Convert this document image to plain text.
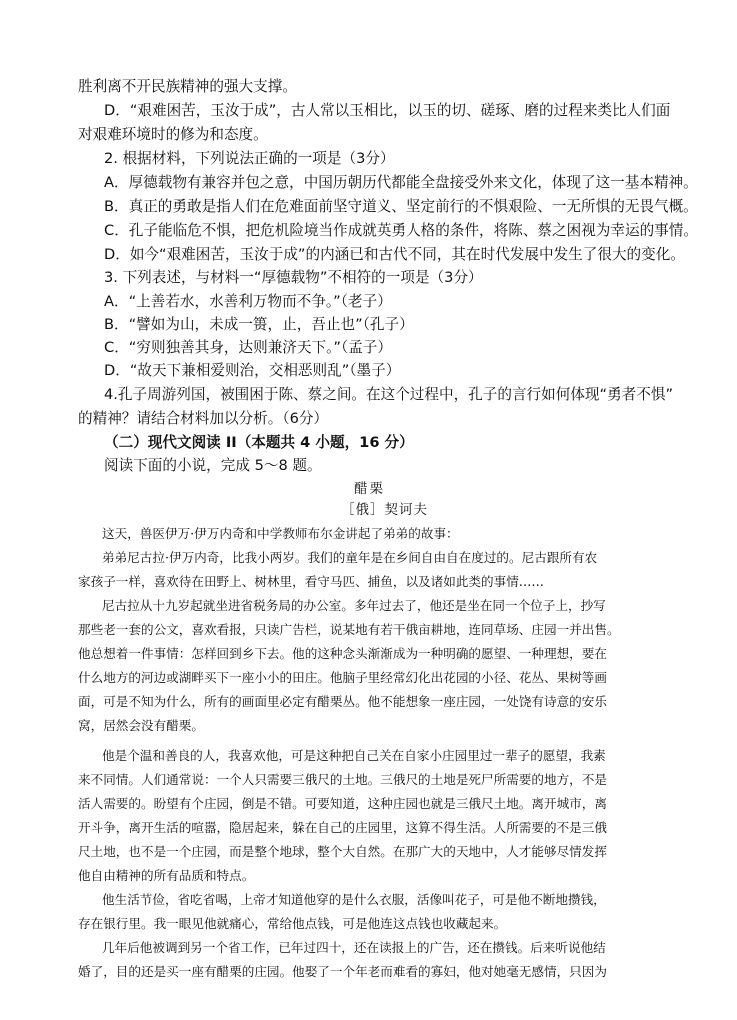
胜利离不开民族精神的强大支撑。
D．“艰难困苦，玉汝于成”，古人常以玉相比，以玉的切、磋琢、磨的过程来类比人们面
对艰难环境时的修为和态度。
2. 根据材料，下列说法正确的一项是（3分）
A．厚德载物有兼容并包之意，中国历朝历代都能全盘接受外来文化，体现了这一基本精神。
B．真正的勇敢是指人们在危难面前坚守道义、坚定前行的不惧艰险、一无所惧的无畏气概。
C．孔子能临危不惧，把危机险境当作成就英勇人格的条件，将陈、蔡之困视为幸运的事情。
D．如今“艰难困苦，玉汝于成”的内涵已和古代不同，其在时代发展中发生了很大的变化。
3. 下列表述，与材料一“厚德载物”不相符的一项是（3分）
A．“上善若水，水善利万物而不争。”（老子）
B．“譬如为山，未成一篑，止，吾止也”（孔子）
C．“穷则独善其身，达则兼济天下。”（孟子）
D．“故天下兼相爱则治，交相恶则乱”（墨子）
4.孔子周游列国，被围困于陈、蔡之间。在这个过程中，孔子的言行如何体现“勇者不惧”
的精神？请结合材料加以分析。（6分）
（二）现代文阅读 II（本题共 4 小题，16 分）
阅读下面的小说，完成 5～8 题。
醋栗
［俄］契诃夫
这天，兽医伊万·伊万内奇和中学教师布尔金讲起了弟弟的故事：
弟弟尼古拉·伊万内奇，比我小两岁。我们的童年是在乡间自由自在度过的。尼古跟所有农
家孩子一样，喜欢待在田野上、树林里，看守马匹、捕鱼，以及诸如此类的事情……
尼古拉从十九岁起就坐进省税务局的办公室。多年过去了，他还是坐在同一个位子上，抄写
那些老一套的公文，喜欢看报，只读广告栏，说某地有若干俄亩耕地，连同草场、庄园一并出售。
他总想着一件事情：怎样回到乡下去。他的这种念头渐渐成为一种明确的愿望、一种理想，要在
什么地方的河边或湖畔买下一座小小的田庄。他脑子里经常幻化出花园的小径、花丛、果树等画
面，可是不知为什么，所有的画面里必定有醋栗丛。他不能想象一座庄园，一处饶有诗意的安乐
窝，居然会没有醋栗。
他是个温和善良的人，我喜欢他，可是这种把自己关在自家小庄园里过一辈子的愿望，我素
来不同情。人们通常说：一个人只需要三俄尺的土地。三俄尺的土地是死尸所需要的地方，不是
活人需要的。盼望有个庄园，倒是不错。可要知道，这种庄园也就是三俄尺土地。离开城市，离
开斗争，离开生活的喧嚣，隐居起来，躲在自己的庄园里，这算不得生活。人所需要的不是三俄
尺土地，也不是一个庄园，而是整个地球，整个大自然。在那广大的天地中，人才能够尽情发挥
他自由精神的所有品质和特点。
他生活节俭，省吃省喝，上帝才知道他穿的是什么衣服，活像叫花子，可是他不断地攒钱，
存在银行里。我一眼见他就痛心，常给他点钱，可是他连这点钱也收藏起来。
几年后他被调到另一个省工作，已年过四十，还在读报上的广告，还在攒钱。后来听说他结
婚了，目的还是买一座有醋栗的庄园。他娶了一个年老而难看的寡妇，他对她毫无感情，只因为
